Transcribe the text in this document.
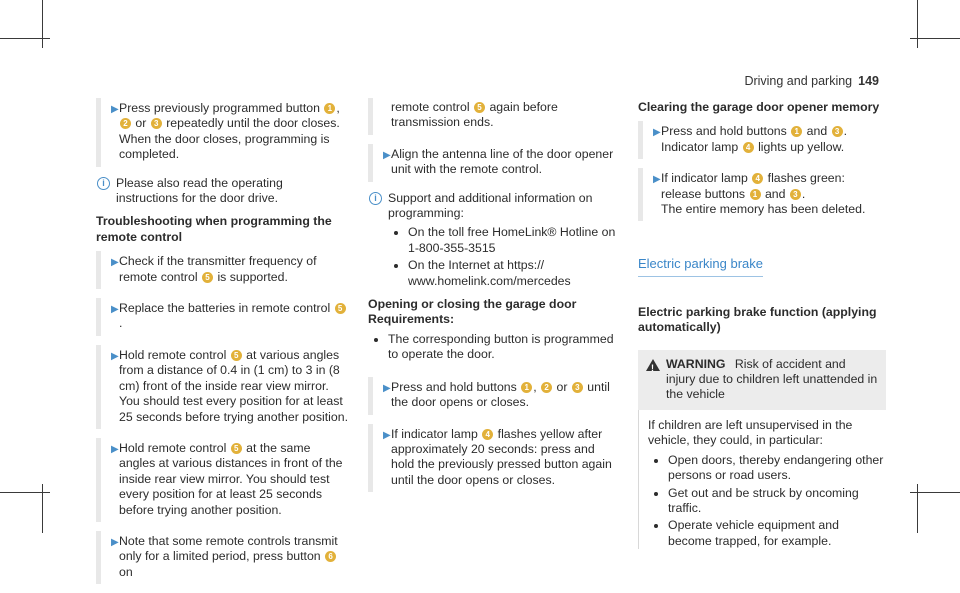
Driving and parking 149
▶ Press previously programmed button 1 , 2 or 3 repeatedly until the door closes. When the door closes, programming is completed.
i Please also read the operating instructions for the door drive.
Troubleshooting when programming the remote control
▶ Check if the transmitter frequency of remote control 5 is supported.
▶ Replace the batteries in remote control 5.
▶ Hold remote control 5 at various angles from a distance of 0.4 in (1 cm) to 3 in (8 cm) front of the inside rear view mirror. You should test every position for at least 25 seconds before trying another position.
▶ Hold remote control 5 at the same angles at various distances in front of the inside rear view mirror. You should test every position for at least 25 seconds before trying another position.
▶ Note that some remote controls transmit only for a limited period, press button 6 on
remote control 5 again before transmission ends.
▶ Align the antenna line of the door opener unit with the remote control.
i Support and additional information on programming:
• On the toll free HomeLink® Hotline on 1-800-355-3515
• On the Internet at https:// www.homelink.com/mercedes
Opening or closing the garage door
Requirements:
• The corresponding button is programmed to operate the door.
▶ Press and hold buttons 1 , 2 or 3 until the door opens or closes.
▶ If indicator lamp 4 flashes yellow after approximately 20 seconds: press and hold the previously pressed button again until the door opens or closes.
Clearing the garage door opener memory
▶ Press and hold buttons 1 and 3 .
Indicator lamp 4 lights up yellow.
▶ If indicator lamp 4 flashes green: release buttons 1 and 3 .
The entire memory has been deleted.
Electric parking brake
Electric parking brake function (applying automatically)
! WARNING Risk of accident and injury due to children left unattended in the vehicle
If children are left unsupervised in the vehicle, they could, in particular:
• Open doors, thereby endangering other persons or road users.
• Get out and be struck by oncoming traffic.
• Operate vehicle equipment and become trapped, for example.
